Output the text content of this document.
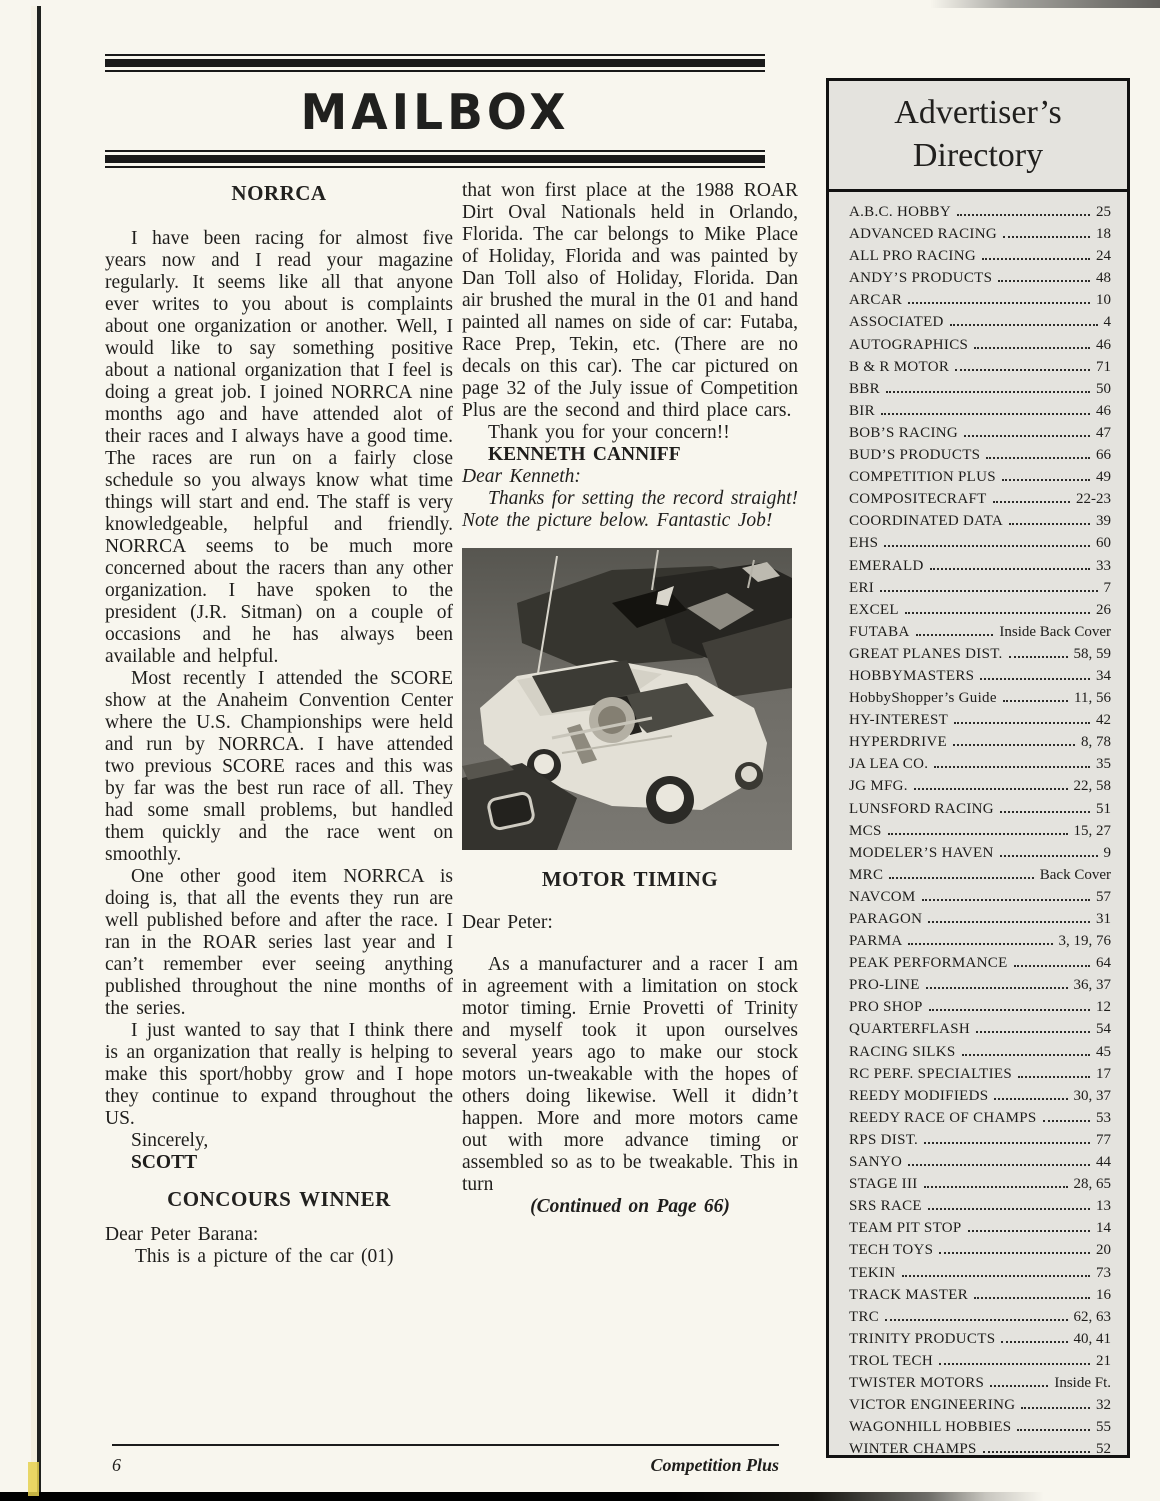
MAILBOX
NORRCA

I have been racing for almost five years now and I read your magazine regularly. It seems like all that anyone ever writes to you about is complaints about one organization or another. Well, I would like to say something positive about a national organization that I feel is doing a great job. I joined NORRCA nine months ago and have attended alot of their races and I always have a good time. The races are run on a fairly close schedule so you always know what time things will start and end. The staff is very knowledgeable, helpful and friendly. NORRCA seems to be much more concerned about the racers than any other organization. I have spoken to the president (J.R. Sitman) on a couple of occasions and he has always been available and helpful.

Most recently I attended the SCORE show at the Anaheim Convention Center where the U.S. Championships were held and run by NORRCA. I have attended two previous SCORE races and this was by far was the best run race of all. They had some small problems, but handled them quickly and the race went on smoothly.

One other good item NORRCA is doing is, that all the events they run are well published before and after the race. I ran in the ROAR series last year and I can’t remember ever seeing anything published throughout the nine months of the series.

I just wanted to say that I think there is an organization that really is helping to make this sport/hobby grow and I hope they continue to expand throughout the US.

Sincerely,

SCOTT

CONCOURS WINNER

Dear Peter Barana:

This is a picture of the car (01)

that won first place at the 1988 ROAR Dirt Oval Nationals held in Orlando, Florida. The car belongs to Mike Place of Holiday, Florida and was painted by Dan Toll also of Holiday, Florida. Dan air brushed the mural in the 01 and hand painted all names on side of car: Futaba, Race Prep, Tekin, etc. (There are no decals on this car). The car pictured on page 32 of the July issue of Competition Plus are the second and third place cars.

Thank you for your concern!!

KENNETH CANNIFF

Dear Kenneth:

Thanks for setting the record straight! Note the picture below. Fantastic Job!

MOTOR TIMING

Dear Peter:

As a manufacturer and a racer I am in agreement with a limitation on stock motor timing. Ernie Provetti of Trinity and myself took it upon ourselves several years ago to make our stock motors un-tweakable with the hopes of others doing likewise. Well it didn’t happen. More and more motors came out with more advance timing or assembled so as to be tweakable. This in turn

(Continued on Page 66)

Advertiser’s
Directory
A.B.C. HOBBY	25
ADVANCED RACING	18
ALL PRO RACING	24
ANDY’S PRODUCTS	48
ARCAR	10
ASSOCIATED	4
AUTOGRAPHICS	46
B & R MOTOR	71
BBR	50
BIR	46
BOB’S RACING	47
BUD’S PRODUCTS	66
COMPETITION PLUS	49
COMPOSITECRAFT	22-23
COORDINATED DATA	39
EHS	60
EMERALD	33
ERI	7
EXCEL	26
FUTABA	Inside Back Cover
GREAT PLANES DIST.	58, 59
HOBBYMASTERS	34
HobbyShopper’s Guide	11, 56
HY-INTEREST	42
HYPERDRIVE	8, 78
JA LEA CO.	35
JG MFG.	22, 58
LUNSFORD RACING	51
MCS	15, 27
MODELER’S HAVEN	9
MRC	Back Cover
NAVCOM	57
PARAGON	31
PARMA	3, 19, 76
PEAK PERFORMANCE	64
PRO-LINE	36, 37
PRO SHOP	12
QUARTERFLASH	54
RACING SILKS	45
RC PERF. SPECIALTIES	17
REEDY MODIFIEDS	30, 37
REEDY RACE OF CHAMPS	53
RPS DIST.	77
SANYO	44
STAGE III	28, 65
SRS RACE	13
TEAM PIT STOP	14
TECH TOYS	20
TEKIN	73
TRACK MASTER	16
TRC	62, 63
TRINITY PRODUCTS	40, 41
TROL TECH	21
TWISTER MOTORS	Inside Ft.
VICTOR ENGINEERING	32
WAGONHILL HOBBIES	55
WINTER CHAMPS	52
6	Competition Plus
